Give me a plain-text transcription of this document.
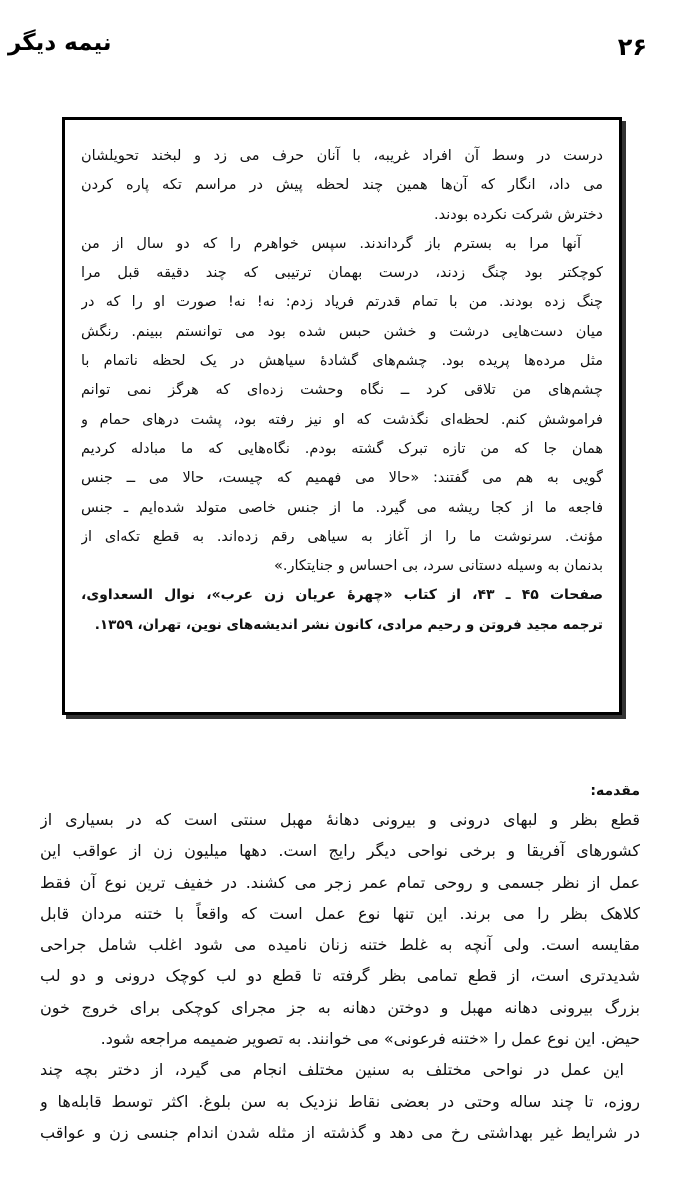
نیمه دیگر	۲۶
درست در وسط آن افراد غریبه، با آنان حرف می زد و لبخند تحویلشان
می داد، انگار که آن‌ها همین چند لحظه پیش در مراسم تکه پاره کردن
دخترش شرکت نکرده بودند.
آنها مرا به بسترم باز گرداندند. سپس خواهرم را که دو سال از من
کوچکتر بود چنگ زدند، درست بهمان ترتیبی که چند دقیقه قبل مرا
چنگ زده بودند. من با تمام قدرتم فریاد زدم: نه! نه! صورت او را که در
میان دست‌هایی درشت و خشن حبس شده بود می توانستم ببینم. رنگش
مثل مرده‌ها پریده بود. چشم‌های گشادهٔ سیاهش در یک لحظه ناتمام با
چشم‌های من تلاقی کرد ــ نگاه وحشت زده‌ای که هرگز نمی توانم
فراموشش کنم. لحظه‌ای نگذشت که او نیز رفته بود، پشت درهای حمام و
همان جا که من تازه تبرک گشته بودم. نگاه‌هایی که ما مبادله کردیم
گویی به هم می گفتند: «حالا می فهمیم که چیست، حالا می ــ جنس
فاجعه ما از کجا ریشه می گیرد. ما از جنس خاصی متولد شده‌ایم ـ جنس
مؤنث. سرنوشت ما را از آغاز به سیاهی رقم زده‌اند. به قطع تکه‌ای از
بدنمان به وسیله دستانی سرد، بی احساس و جنایتکار.»
صفحات ۴۵ ـ ۴۳، از کتاب «چهرهٔ عریان زن عرب»، نوال السعداوی،
ترجمه مجید فروتن و رحیم مرادی، کانون نشر اندیشه‌های نوین، تهران، ۱۳۵۹.
مقدمه:
قطع بظر و لبهای درونی و بیرونی دهانهٔ مهبل سنتی است که در بسیاری از
کشورهای آفریقا و برخی نواحی دیگر رایج است. دهها میلیون زن از عواقب این
عمل از نظر جسمی و روحی تمام عمر زجر می کشند. در خفیف ترین نوع آن فقط
کلاهک بظر را می برند. این تنها نوع عمل است که واقعاً با ختنه مردان قابل
مقایسه است. ولی آنچه به غلط ختنه زنان نامیده می شود اغلب شامل جراحی
شدیدتری است، از قطع تمامی بظر گرفته تا قطع دو لب کوچک درونی و دو لب
بزرگ بیرونی دهانه مهبل و دوختن دهانه به جز مجرای کوچکی برای خروج خون
حیض. این نوع عمل را «ختنه فرعونی» می خوانند. به تصویر ضمیمه مراجعه شود.
این عمل در نواحی مختلف به سنین مختلف انجام می گیرد، از دختر بچه چند
روزه، تا چند ساله وحتی در بعضی نقاط نزدیک به سن بلوغ. اکثر توسط قابله‌ها و
در شرایط غیر بهداشتی رخ می دهد و گذشته از مثله شدن اندام جنسی زن و عواقب
